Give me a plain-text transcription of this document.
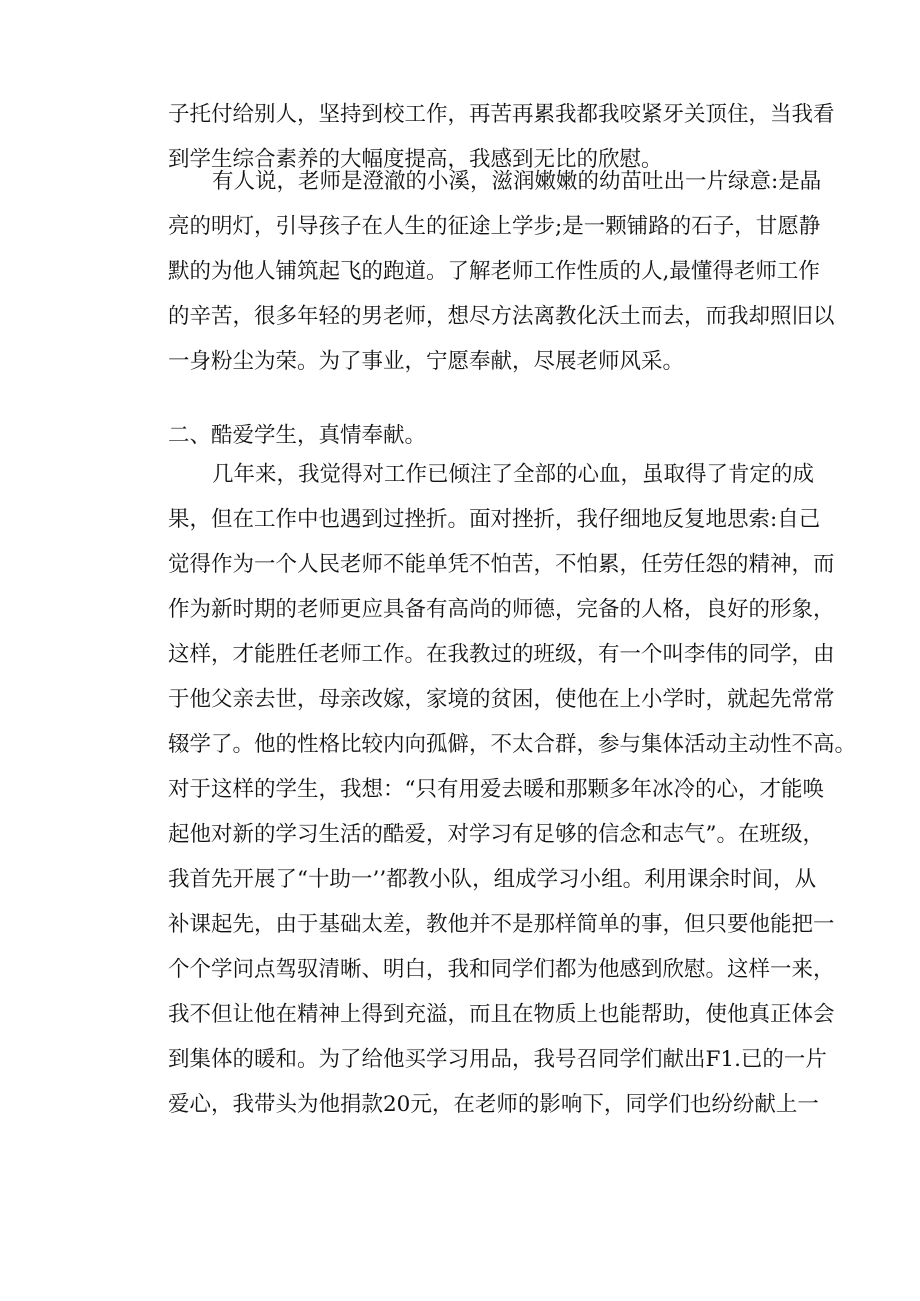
子托付给别人，坚持到校工作，再苦再累我都我咬紧牙关顶住，当我看
到学生综合素养的大幅度提高，我感到无比的欣慰。
有人说，老师是澄澈的小溪，滋润嫩嫩的幼苗吐出一片绿意:是晶
亮的明灯，引导孩子在人生的征途上学步;是一颗铺路的石子，甘愿静
默的为他人铺筑起飞的跑道。了解老师工作性质的人,最懂得老师工作
的辛苦，很多年轻的男老师，想尽方法离教化沃土而去，而我却照旧以
一身粉尘为荣。为了事业，宁愿奉献，尽展老师风采。
二、酷爱学生，真情奉献。
几年来，我觉得对工作已倾注了全部的心血，虽取得了肯定的成
果，但在工作中也遇到过挫折。面对挫折，我仔细地反复地思索:自己
觉得作为一个人民老师不能单凭不怕苦，不怕累，任劳任怨的精神，而
作为新时期的老师更应具备有高尚的师德，完备的人格，良好的形象，
这样，才能胜任老师工作。在我教过的班级，有一个叫李伟的同学，由
于他父亲去世，母亲改嫁，家境的贫困，使他在上小学时，就起先常常
辍学了。他的性格比较内向孤僻，不太合群，参与集体活动主动性不高。
对于这样的学生，我想：“只有用爱去暖和那颗多年冰冷的心，才能唤
起他对新的学习生活的酷爱，对学习有足够的信念和志气”。在班级，
我首先开展了“十助一’’都教小队，组成学习小组。利用课余时间，从
补课起先，由于基础太差，教他并不是那样简单的事，但只要他能把一
个个学问点驾驭清晰、明白，我和同学们都为他感到欣慰。这样一来，
我不但让他在精神上得到充溢，而且在物质上也能帮助，使他真正体会
到集体的暖和。为了给他买学习用品，我号召同学们献出F1.已的一片
爱心，我带头为他捐款20元，在老师的影响下，同学们也纷纷献上一
